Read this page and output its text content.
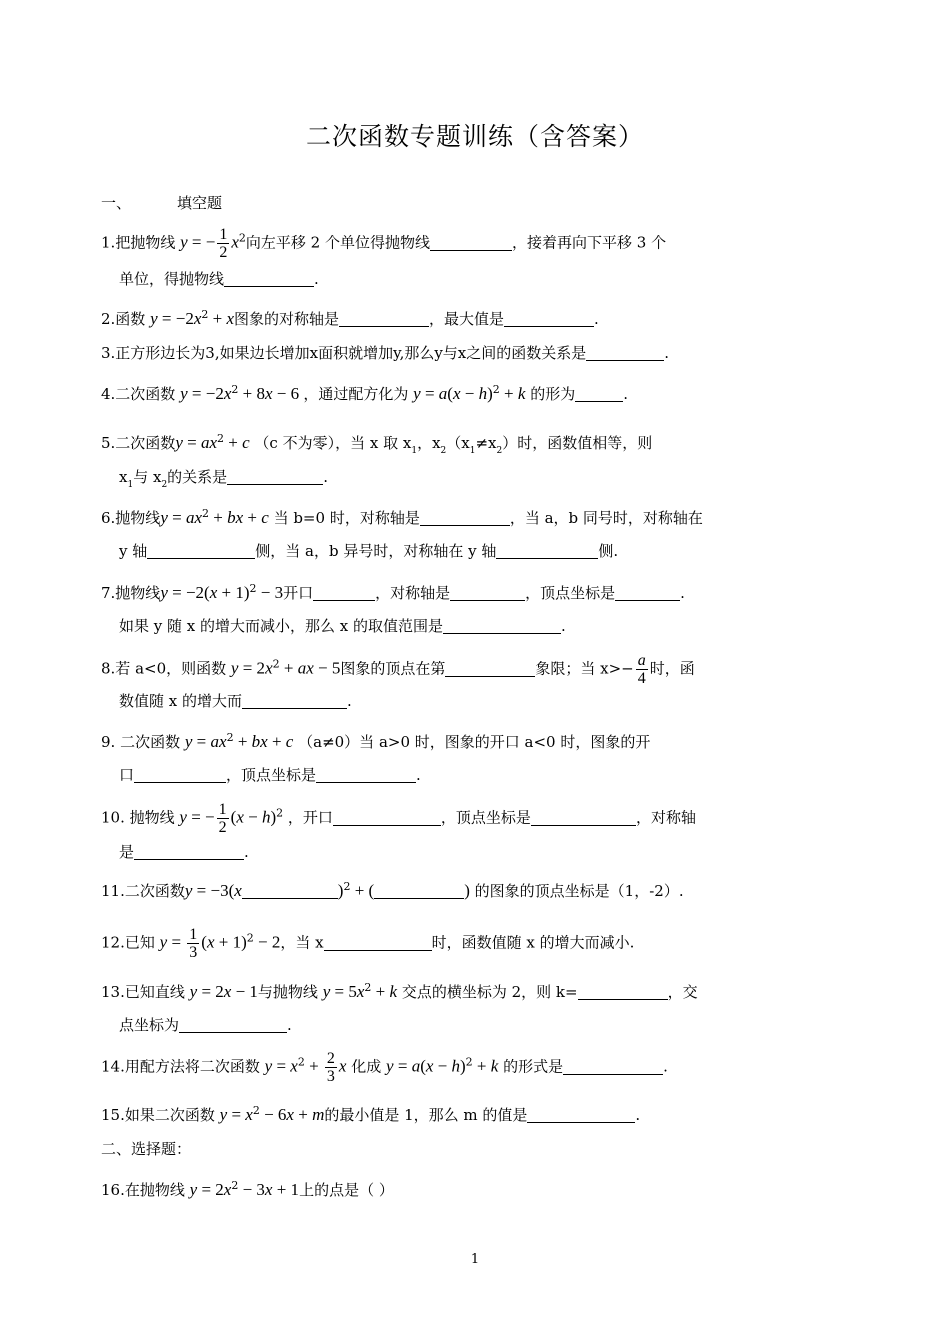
二次函数专题训练（含答案）
一、	填空题
1.把抛物线 y = − $\frac{1}{2} x^2$向左平移 2 个单位得抛物线	，接着再向下平移 3 个
单位，得抛物线	.
2.函数 $y = -2x^2 + x$图象的对称轴是	，最大值是	.
3.正方形边长为3,如果边长增加x面积就增加y,那么y与x之间的函数关系是	.
4.二次函数 $y = -2x^2 + 8x - 6$ ，通过配方化为 $y = a(x - h)^2 + k$ 的形为	.
5.二次函数$y = ax^2 + c$ （c 不为零），当 x 取 $x_1$，$x_2(x_1\ne x_2)$时，函数值相等，则
$x_1$与 $x_2$的关系是	.
6.抛物线$y = ax^2$ + bx + c 当 b=0 时，对称轴是	，当 a，b 同号时，对称轴在
y 轴	侧，当 a，b 异号时，对称轴在 y 轴	侧.
7.抛物线$y = -2(x + 1)^2 - 3$开口	，对称轴是	，顶点坐标是	.
如果 y 随 x 的增大而减小，那么 x 的取值范围是	.
8.若 a<0，则函数 $y = 2x^2$ + ax − 5图象的顶点在第	象限；当 $x>- \frac{a}{4}$ 时，函
数值随 x 的增大而	.
9. 二次函数 $y = ax^2$ + bx + c （a≠0）当 a>0 时，图象的开口 a<0 时，图象的开
口	，顶点坐标是	.
10. 抛物线 y = − $\frac{1}{2} (x - h)^2$ ，开口	，顶点坐标是	，对称轴
是	.
11.二次函数y = −3(x	)$^2$ + (	) 的图象的顶点坐标是（1，-2）.
12.已知 $y = \frac{1}{3} (x + 1)^2 - 2$，当 x	时，函数值随 x 的增大而减小.
13.已知直线 y = 2x − 1与抛物线 $y = 5x^2 + k$ 交点的横坐标为 2，则 k=	，交
点坐标为	.
14.用配方法将二次函数 $y = x^2 + \frac{2}{3}$ x 化成 $y = a(x - h)^2 + k$ 的形式是	.
15.如果二次函数 $y = x^2 - 6x + m$的最小值是 1，那么 m 的值是	.
二、选择题：
16.在抛物线 $y = 2x^2 - 3x + 1$上的点是（ ）
1
